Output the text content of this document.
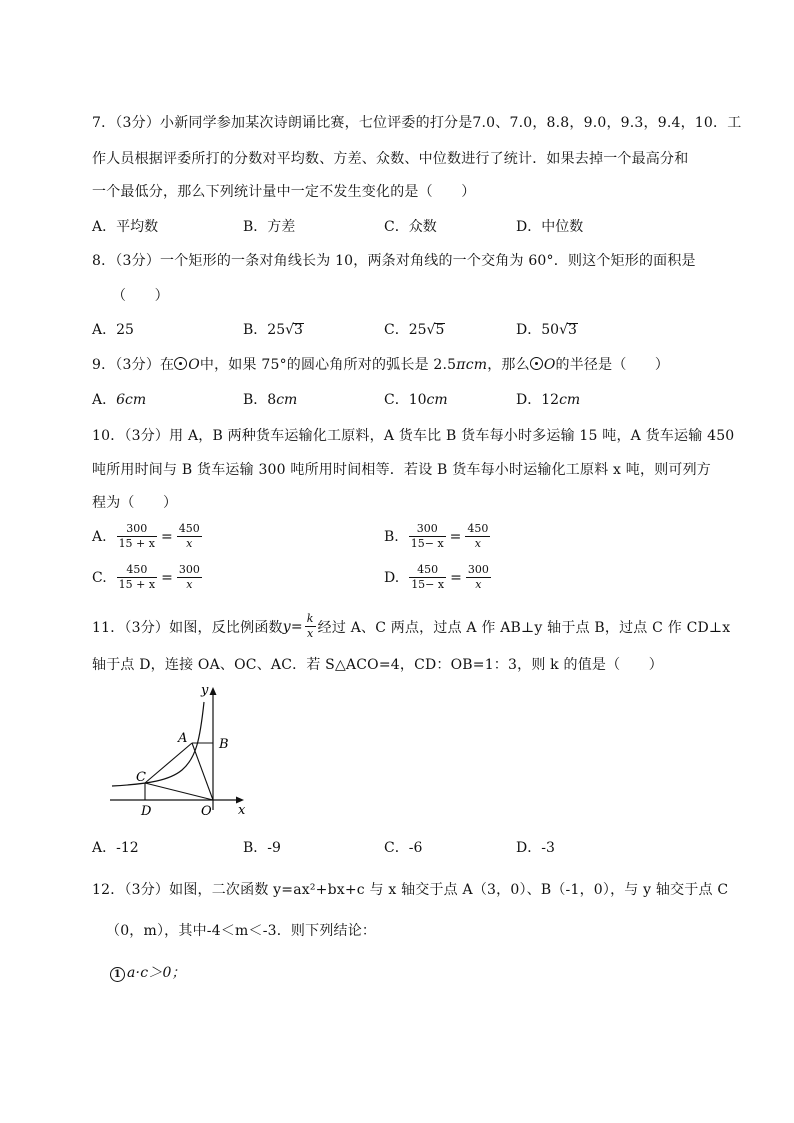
7．（3分）小新同学参加某次诗朗诵比赛，七位评委的打分是7.0、7.0，8.8，9.0，9.3，9.4，10．工
作人员根据评委所打的分数对平均数、方差、众数、中位数进行了统计．如果去掉一个最高分和
一个最低分，那么下列统计量中一定不发生变化的是（　　）
A．平均数	B．方差	C．众数	D．中位数
8．（3分）一个矩形的一条对角线长为 10，两条对角线的一个交角为 60°．则这个矩形的面积是
（　　）
A．25	B．25√3	C．25√5	D．50√3
9．（3分）在 O中，如果 75°的圆心角所对的弧长是 2.5πcm，那么 O的半径是（　　）
A．6cm	B．8cm	C．10cm	D．12cm
10．（3分）用 A，B 两种货车运输化工原料，A 货车比 B 货车每小时多运输 15 吨，A 货车运输 450
吨所用时间与 B 货车运输 300 吨所用时间相等．若设 B 货车每小时运输化工原料 x 吨，则可列方
程为（　　）
A. $\frac{300}{15 + x} = \frac{450}{x}$	B. $\frac{300}{15- x} = \frac{450}{x}$
C. $\frac{450}{15 + x} = \frac{300}{x}$	D. $\frac{450}{15- x} = \frac{300}{x}$
11．（3分）如图，反比例函数 $y = \frac{k}{x}$ 经过 A、C 两点，过点 A 作 AB⊥y 轴于点 B，过点 C 作 CD⊥x
轴于点 D，连接 OA、OC、AC．若 S△ACO=4，CD：OB=1：3，则 k 的值是（　　）
y
x
A B
C
D	O
A．-12	B．-9	C．-6	D．-3
12．（3分）如图，二次函数 y=ax²+bx+c 与 x 轴交于点 A（3，0）、B（-1，0），与 y 轴交于点 C
（0，m），其中-4＜m＜-3．则下列结论：
1 a·c＞0；
